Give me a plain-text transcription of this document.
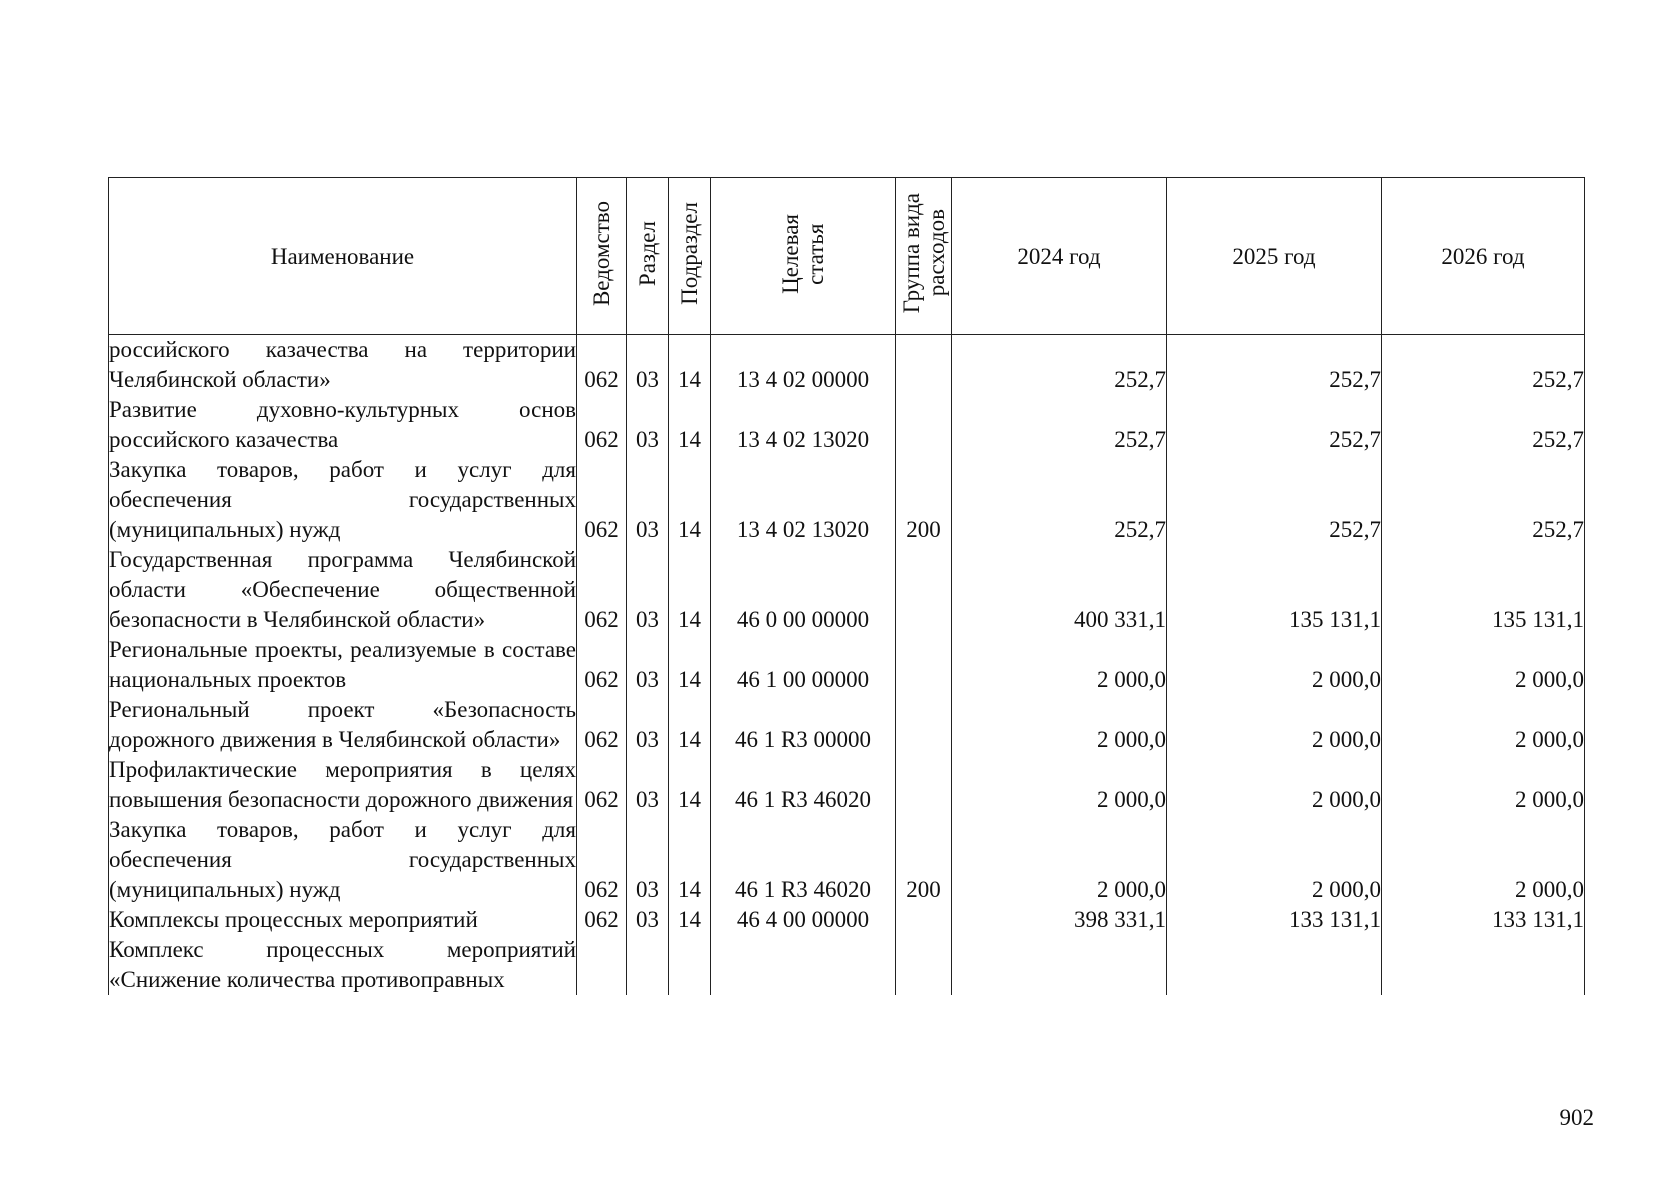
Наименование	Ведомство	Раздел	Подраздел	Целевая
статья	Группа вида
расходов	2024 год	2025 год	2026 год
российского казачества на территории Челябинской области»	062	03	14	13 4 02 00000		252,7	252,7	252,7
Развитие духовно-культурных основ российского казачества	062	03	14	13 4 02 13020		252,7	252,7	252,7
Закупка товаров, работ и услуг для обеспечения государственных (муниципальных) нужд	062	03	14	13 4 02 13020	200	252,7	252,7	252,7
Государственная программа Челябинской области «Обеспечение общественной безопасности в Челябинской области»	062	03	14	46 0 00 00000		400 331,1	135 131,1	135 131,1
Региональные проекты, реализуемые в составе национальных проектов	062	03	14	46 1 00 00000		2 000,0	2 000,0	2 000,0
Региональный проект «Безопасность дорожного движения в Челябинской области»	062	03	14	46 1 R3 00000		2 000,0	2 000,0	2 000,0
Профилактические мероприятия в целях повышения безопасности дорожного движения	062	03	14	46 1 R3 46020		2 000,0	2 000,0	2 000,0
Закупка товаров, работ и услуг для обеспечения государственных (муниципальных) нужд	062	03	14	46 1 R3 46020	200	2 000,0	2 000,0	2 000,0
Комплексы процессных мероприятий	062	03	14	46 4 00 00000		398 331,1	133 131,1	133 131,1
Комплекс процессных мероприятий «Снижение количества противоправных								
902
